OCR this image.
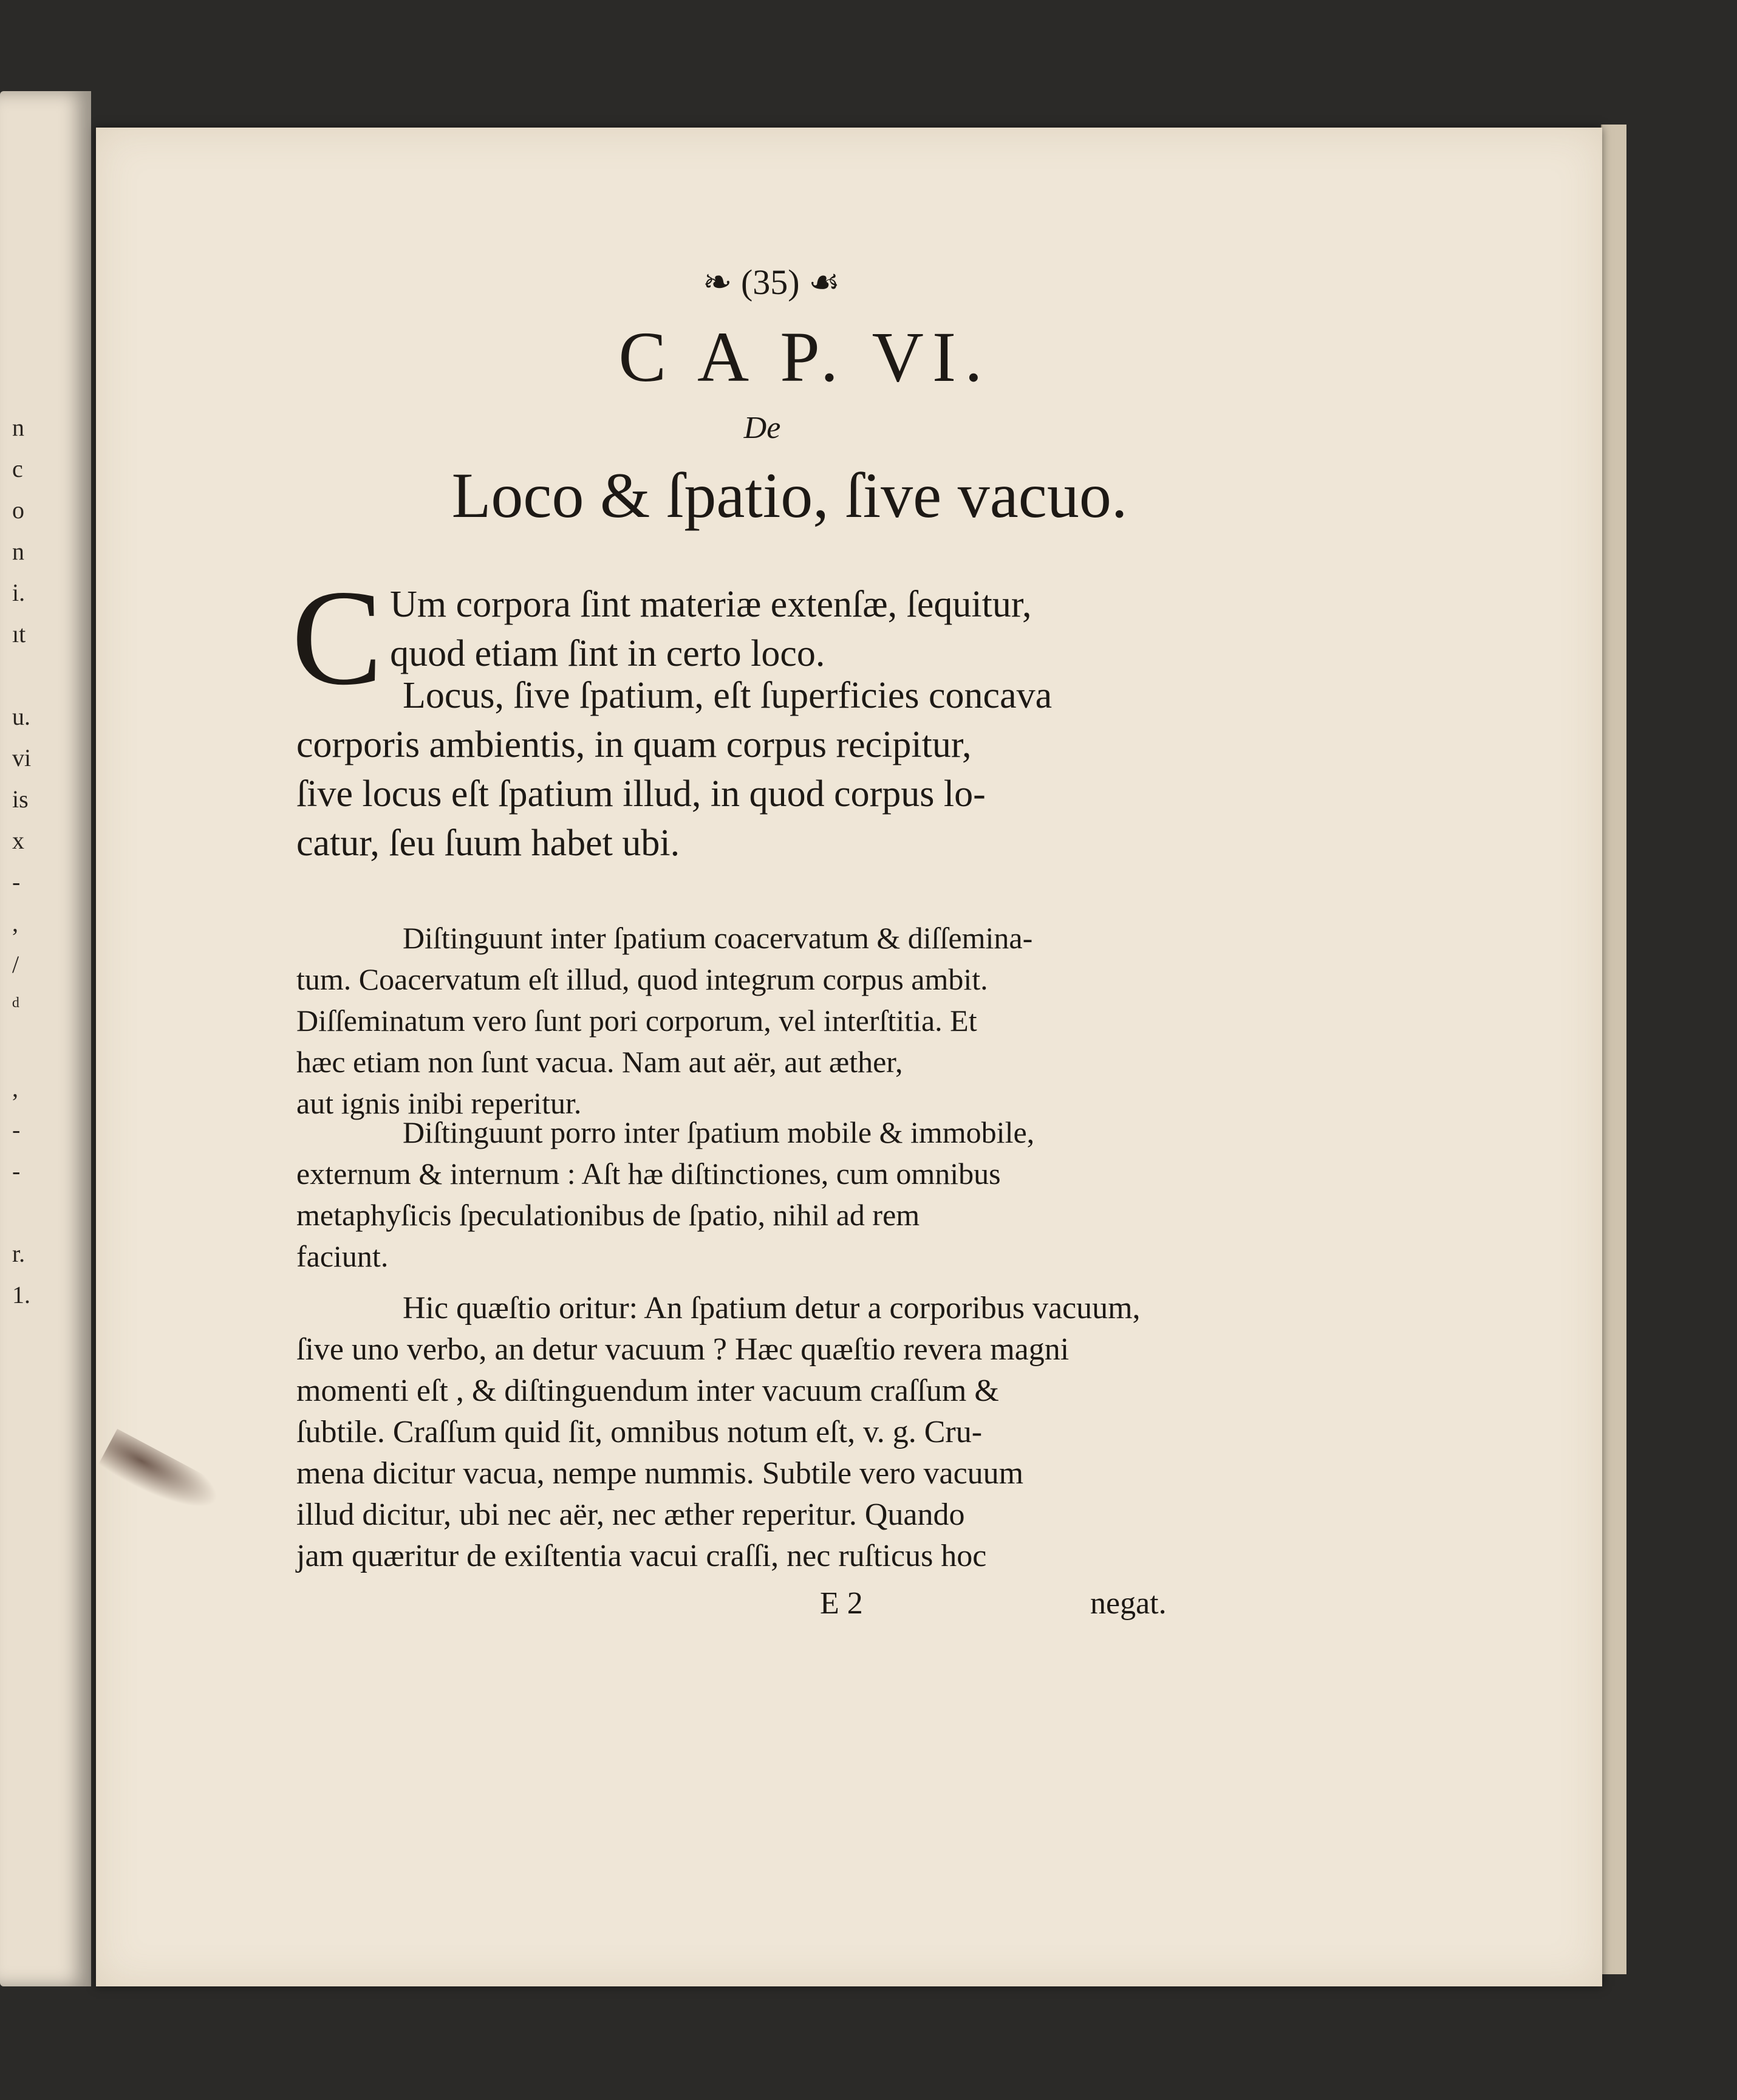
n
c
o
n
i.
ıt

u.
vi
is
x
-
,
/
ᵈ

,
-
-

r.
1.
❧ (35) ☙
C A P. VI.
De
Loco & ſpatio, ſive vacuo.
C Um corpora ſint materiæ extenſæ, ſequitur,
quod etiam ſint in certo loco.
Locus, ſive ſpatium, eſt ſuperficies concava
corporis ambientis, in quam corpus recipitur,
ſive locus eſt ſpatium illud, in quod corpus lo-
catur, ſeu ſuum habet ubi.
Diſtinguunt inter ſpatium coacervatum & diſſemina-
tum. Coacervatum eſt illud, quod integrum corpus ambit.
Diſſeminatum vero ſunt pori corporum, vel interſtitia. Et
hæc etiam non ſunt vacua. Nam aut aër, aut æther,
aut ignis inibi reperitur.
Diſtinguunt porro inter ſpatium mobile & immobile,
externum & internum : Aſt hæ diſtinctiones, cum omnibus
metaphyſicis ſpeculationibus de ſpatio, nihil ad rem
faciunt.
Hic quæſtio oritur: An ſpatium detur a corporibus vacuum,
ſive uno verbo, an detur vacuum ? Hæc quæſtio revera magni
momenti eſt , & diſtinguendum inter vacuum craſſum &
ſubtile. Craſſum quid ſit, omnibus notum eſt, v. g. Cru-
mena dicitur vacua, nempe nummis. Subtile vero vacuum
illud dicitur, ubi nec aër, nec æther reperitur. Quando
jam quæritur de exiſtentia vacui craſſi, nec ruſticus hoc
E 2	negat.
